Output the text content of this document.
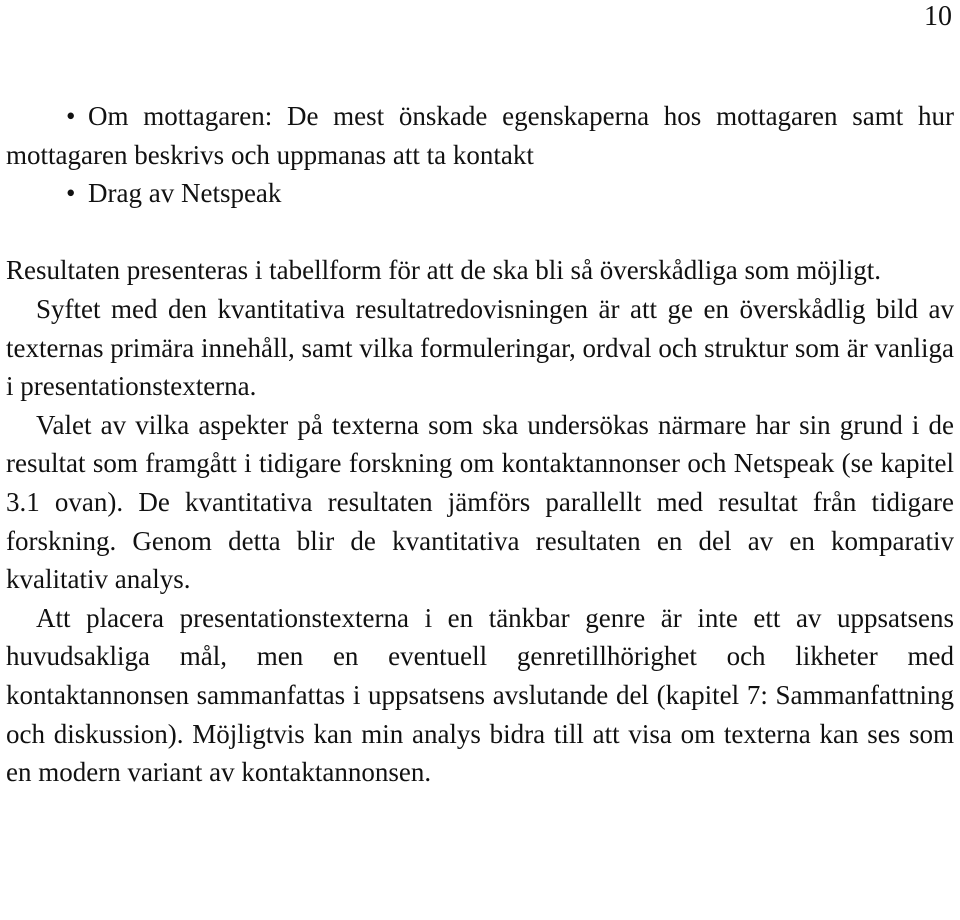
10
• Om mottagaren: De mest önskade egenskaperna hos mottagaren samt hur mottagaren beskrivs och uppmanas att ta kontakt
• Drag av Netspeak

Resultaten presenteras i tabellform för att de ska bli så överskådliga som möjligt.

Syftet med den kvantitativa resultatredovisningen är att ge en överskådlig bild av texternas primära innehåll, samt vilka formuleringar, ordval och struktur som är vanliga i presentationstexterna.

Valet av vilka aspekter på texterna som ska undersökas närmare har sin grund i de resultat som framgått i tidigare forskning om kontaktannonser och Netspeak (se kapitel 3.1 ovan). De kvantitativa resultaten jämförs parallellt med resultat från tidigare forskning. Genom detta blir de kvantitativa resultaten en del av en komparativ kvalitativ analys.

Att placera presentationstexterna i en tänkbar genre är inte ett av uppsatsens huvudsakliga mål, men en eventuell genretillhörighet och likheter med kontaktannonsen sammanfattas i uppsatsens avslutande del (kapitel 7: Sammanfattning och diskussion). Möjligtvis kan min analys bidra till att visa om texterna kan ses som en modern variant av kontaktannonsen.
